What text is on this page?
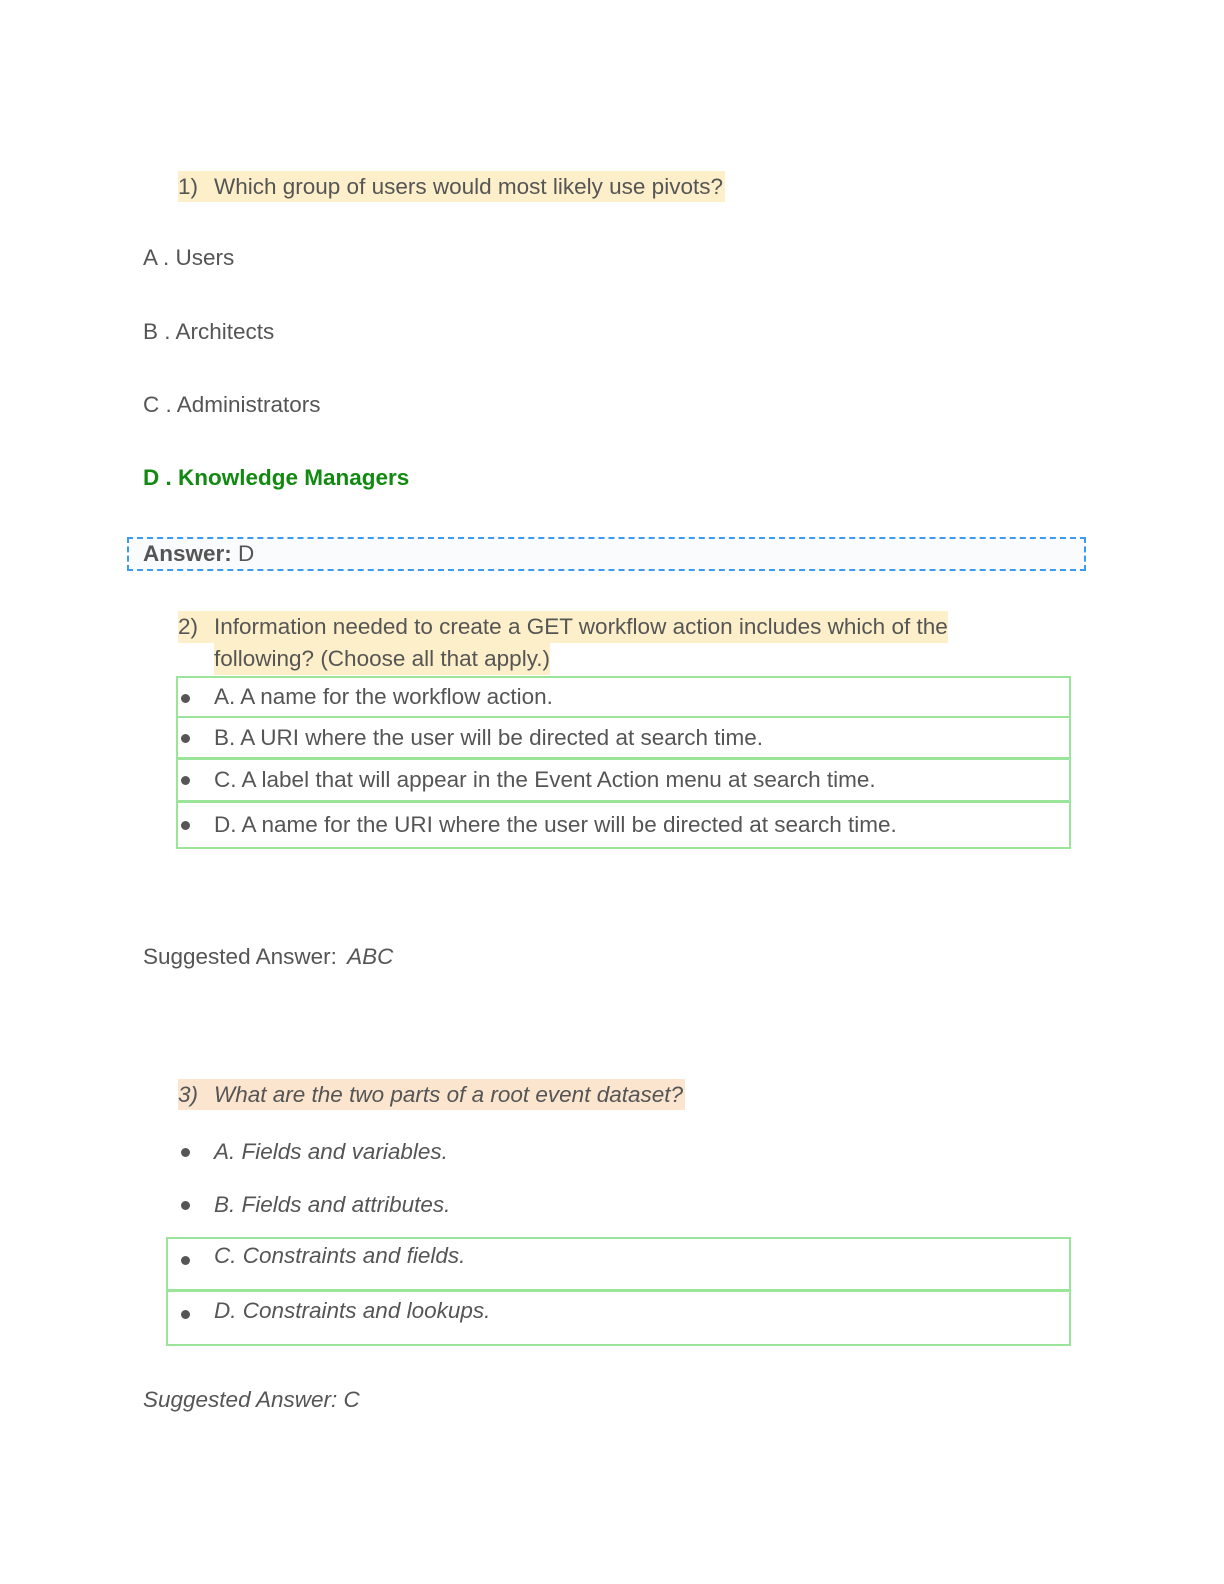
1) Which group of users would most likely use pivots?
A . Users
B . Architects
C . Administrators
D . Knowledge Managers
Answer: D
2) Information needed to create a GET workflow action includes which of the
following? (Choose all that apply.)
A. A name for the workflow action.
B. A URI where the user will be directed at search time.
C. A label that will appear in the Event Action menu at search time.
D. A name for the URI where the user will be directed at search time.
Suggested Answer: ABC
3) What are the two parts of a root event dataset?
A. Fields and variables.
B. Fields and attributes.
C. Constraints and fields.
D. Constraints and lookups.
Suggested Answer: C
